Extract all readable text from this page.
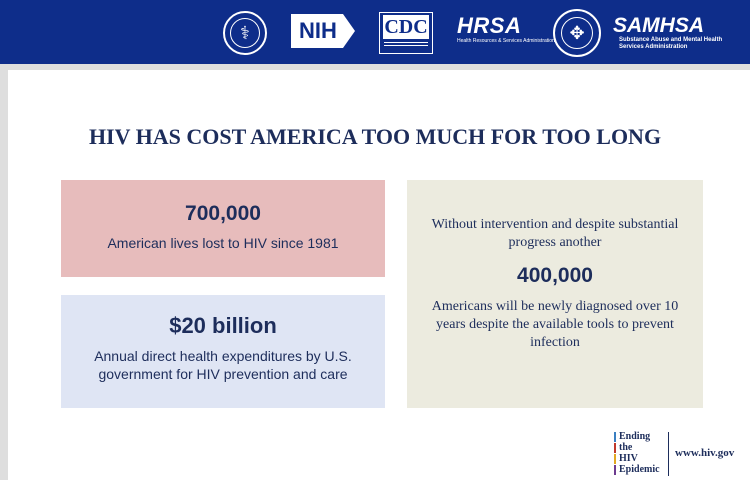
⚕	NIH	CDC HRSA
Health Resources & Services Administration ✥	SAMHSA
Substance Abuse and Mental Health Services Administration
HIV HAS COST AMERICA TOO MUCH FOR TOO LONG

700,000

American lives lost to HIV since 1981

$20 billion

Annual direct health expenditures by U.S. government for HIV prevention and care

Without intervention and despite substantial progress another

400,000

Americans will be newly diagnosed over 10 years despite the available tools to prevent infection

Ending
the
HIV
Epidemic
www.hiv.gov
